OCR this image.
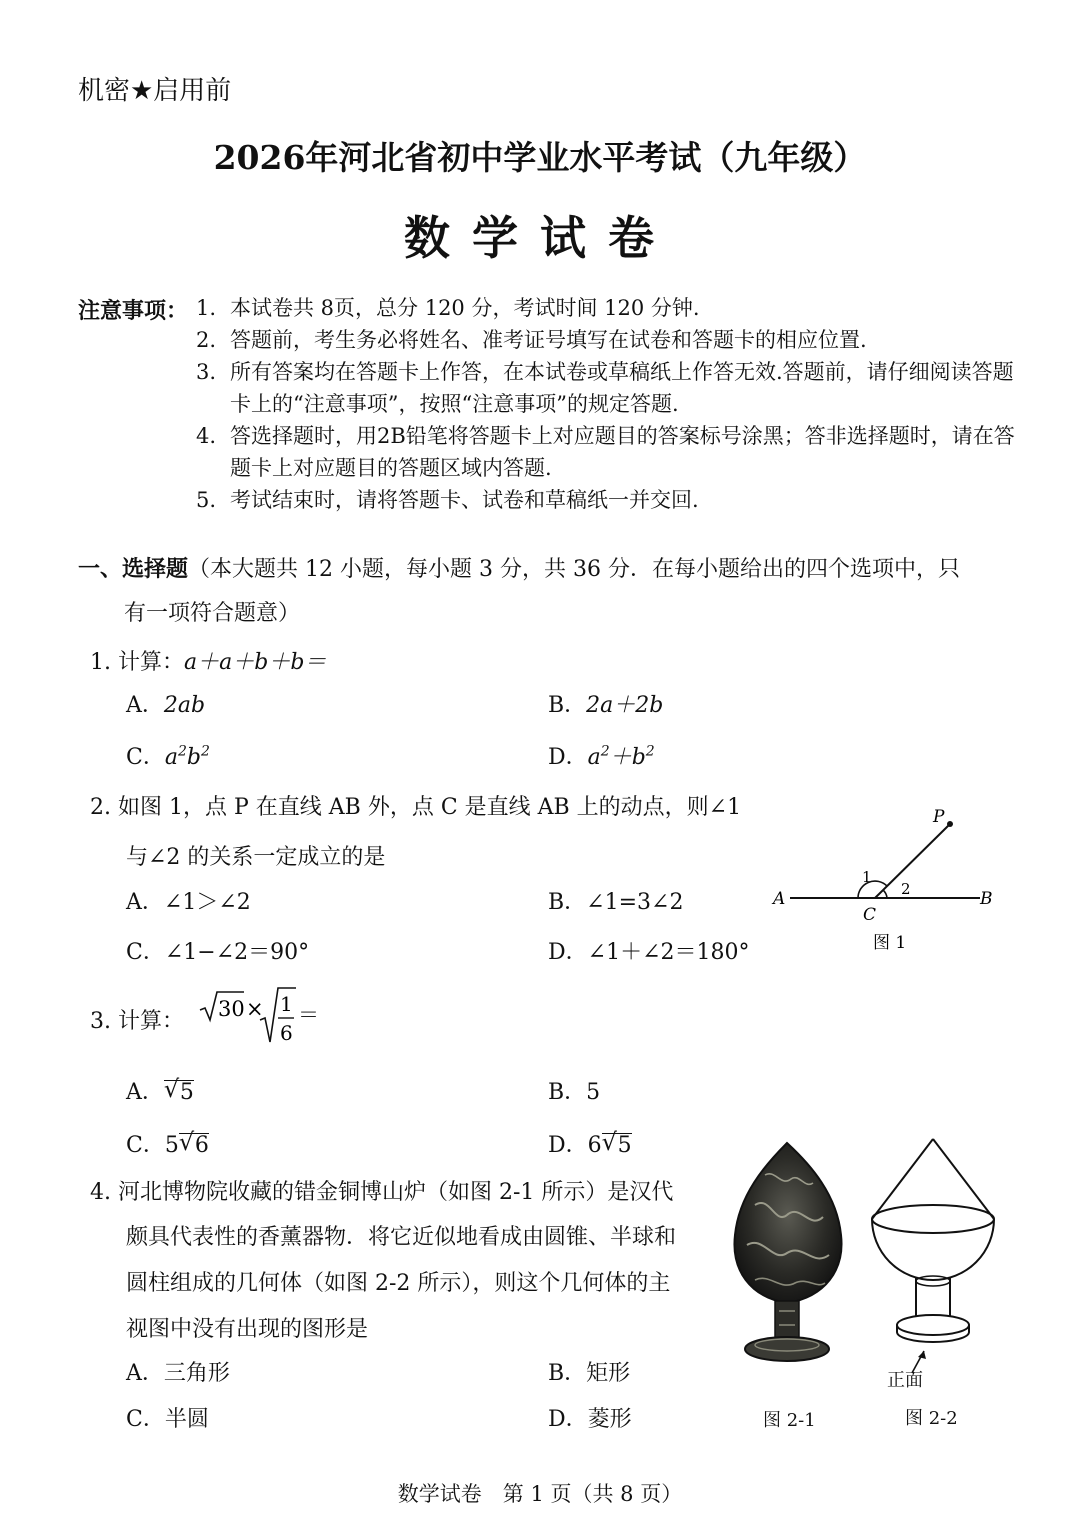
机密★启用前
2026年河北省初中学业水平考试（九年级）
数学试卷
注意事项： 1. 本试卷共 8页，总分 120 分，考试时间 120 分钟.
2. 答题前，考生务必将姓名、准考证号填写在试卷和答题卡的相应位置.
3. 所有答案均在答题卡上作答，在本试卷或草稿纸上作答无效.答题前，请仔细阅读答题卡上的“注意事项”，按照“注意事项”的规定答题.
4. 答选择题时，用2B铅笔将答题卡上对应题目的答案标号涂黑；答非选择题时，请在答题卡上对应题目的答题区域内答题.
5. 考试结束时，请将答题卡、试卷和草稿纸一并交回.
一、选择题（本大题共 12 小题，每小题 3 分，共 36 分．在每小题给出的四个选项中，只
有一项符合题意）
1. 计算：a＋a＋b＋b＝
A．2ab	B．2a＋2b
C．$a^2b^2$	D．$a^2+b^2$
2. 如图 1，点 P 在直线 AB 外，点 C 是直线 AB 上的动点，则∠1
与∠2 的关系一定成立的是
A．∠1＞∠2	B．∠1=3∠2
C．∠1−∠2＝90°	D．∠1＋∠2＝180°
P
A	B
C
1
2
图 1
3. 计算： 30 × 1
6
＝
A． √ 5	B．5
C．5 √ 6	D．6 √ 5
4. 河北博物院收藏的错金铜博山炉（如图 2-1 所示）是汉代
颇具代表性的香薰器物．将它近似地看成由圆锥、半球和
圆柱组成的几何体（如图 2-2 所示），则这个几何体的主
视图中没有出现的图形是
A．三角形	B．矩形
C．半圆	D．菱形
正面
图 2-1	图 2-2
数学试卷　第 1 页（共 8 页）
